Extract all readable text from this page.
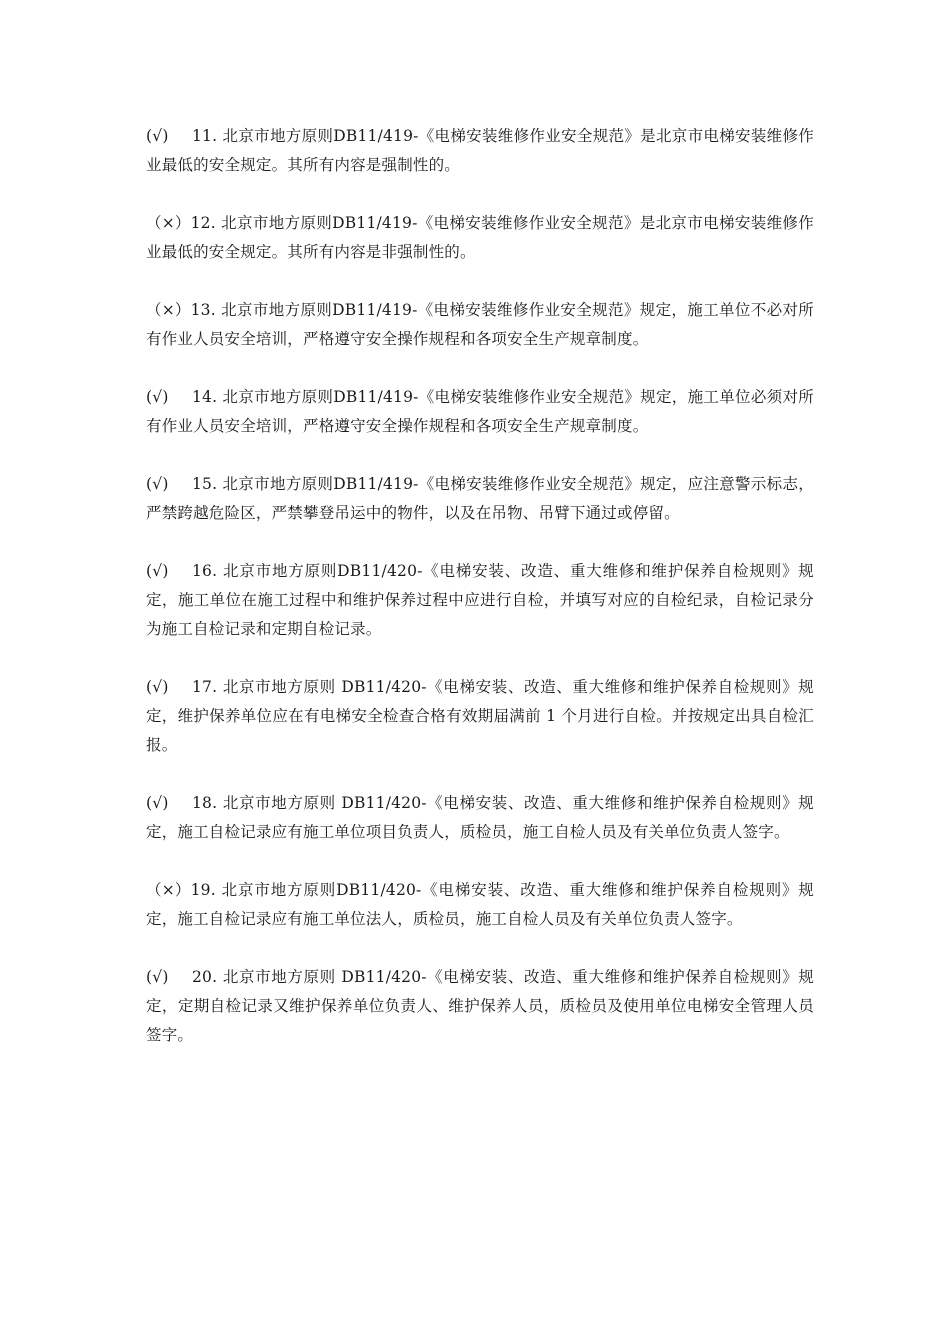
(√) 11. 北京市地方原则DB11/419-《电梯安装维修作业安全规范》是北京市电梯安装维修作业最低的安全规定。其所有内容是强制性的。

（×）12. 北京市地方原则DB11/419-《电梯安装维修作业安全规范》是北京市电梯安装维修作业最低的安全规定。其所有内容是非强制性的。

（×）13. 北京市地方原则DB11/419-《电梯安装维修作业安全规范》规定，施工单位不必对所有作业人员安全培训，严格遵守安全操作规程和各项安全生产规章制度。

(√) 14. 北京市地方原则DB11/419-《电梯安装维修作业安全规范》规定，施工单位必须对所有作业人员安全培训，严格遵守安全操作规程和各项安全生产规章制度。

(√) 15. 北京市地方原则DB11/419-《电梯安装维修作业安全规范》规定，应注意警示标志，严禁跨越危险区，严禁攀登吊运中的物件，以及在吊物、吊臂下通过或停留。

(√) 16. 北京市地方原则DB11/420-《电梯安装、改造、重大维修和维护保养自检规则》规定，施工单位在施工过程中和维护保养过程中应进行自检，并填写对应的自检纪录，自检记录分为施工自检记录和定期自检记录。

(√) 17. 北京市地方原则 DB11/420-《电梯安装、改造、重大维修和维护保养自检规则》规定，维护保养单位应在有电梯安全检查合格有效期届满前 1 个月进行自检。并按规定出具自检汇报。

(√) 18. 北京市地方原则 DB11/420-《电梯安装、改造、重大维修和维护保养自检规则》规定，施工自检记录应有施工单位项目负责人，质检员，施工自检人员及有关单位负责人签字。

（×）19. 北京市地方原则DB11/420-《电梯安装、改造、重大维修和维护保养自检规则》规定，施工自检记录应有施工单位法人，质检员，施工自检人员及有关单位负责人签字。

(√) 20. 北京市地方原则 DB11/420-《电梯安装、改造、重大维修和维护保养自检规则》规定，定期自检记录又维护保养单位负责人、维护保养人员，质检员及使用单位电梯安全管理人员签字。
